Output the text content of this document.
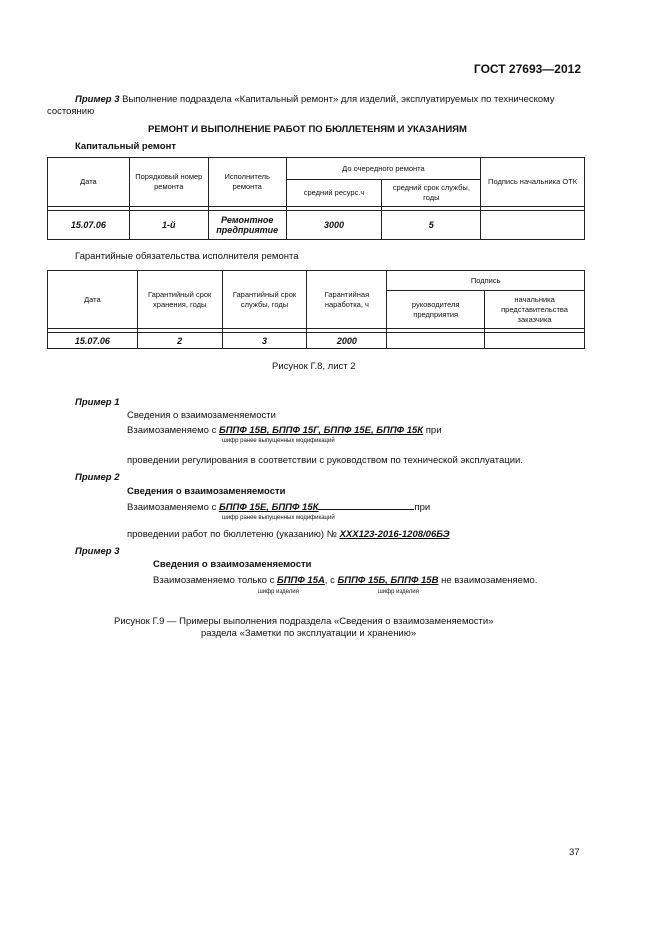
ГОСТ 27693—2012
Пример 3 Выполнение подраздела «Капитальный ремонт» для изделий, эксплуатируемых по техническому
состоянию
РЕМОНТ И ВЫПОЛНЕНИЕ РАБОТ ПО БЮЛЛЕТЕНЯМ И УКАЗАНИЯМ
Капитальный ремонт
Дата	Порядковый номер ремонта	Исполнитель ремонта	До очередного ремонта		Подпись начальника ОТК
			средний ресурс.ч	средний срок службы, годы	

15.07.06	1-й	Ремонтное предприятие	3000	5	
Гарантийные обязательства исполнителя ремонта
Дата	Гарантийный срок хранения, годы	Гарантийный срок службы, годы	Гарантийная наработка, ч	Подпись	
				руководителя предприятия	начальника представительства заказчика

15.07.06	2	3	2000		
Рисунок Г.8, лист 2
Пример 1
Сведения о взаимозаменяемости
Взаимозаменяемо с БППФ 15В, БППФ 15Г, БППФ 15Е, БППФ 15К при
шифр ранее выпущенных модификаций
проведении регулирования в соответствии с руководством по технической эксплуатации.
Пример 2
Сведения о взаимозаменяемости
Взаимозаменяемо с БППФ 15Е, БППФ 15К	при
шифр ранее выпущенных модификаций
проведении работ по бюллетеню (указанию) № ХХХ123-2016-1208/06БЭ
Пример 3
Сведения о взаимозаменяемости
Взаимозаменяемо только с БППФ 15А, с БППФ 15Б, БППФ 15В не взаимозаменяемо.
шифр изделия	шифр изделия
Рисунок Г.9 — Примеры выполнения подраздела «Сведения о взаимозаменяемости»
раздела «Заметки по эксплуатации и хранению»
37
